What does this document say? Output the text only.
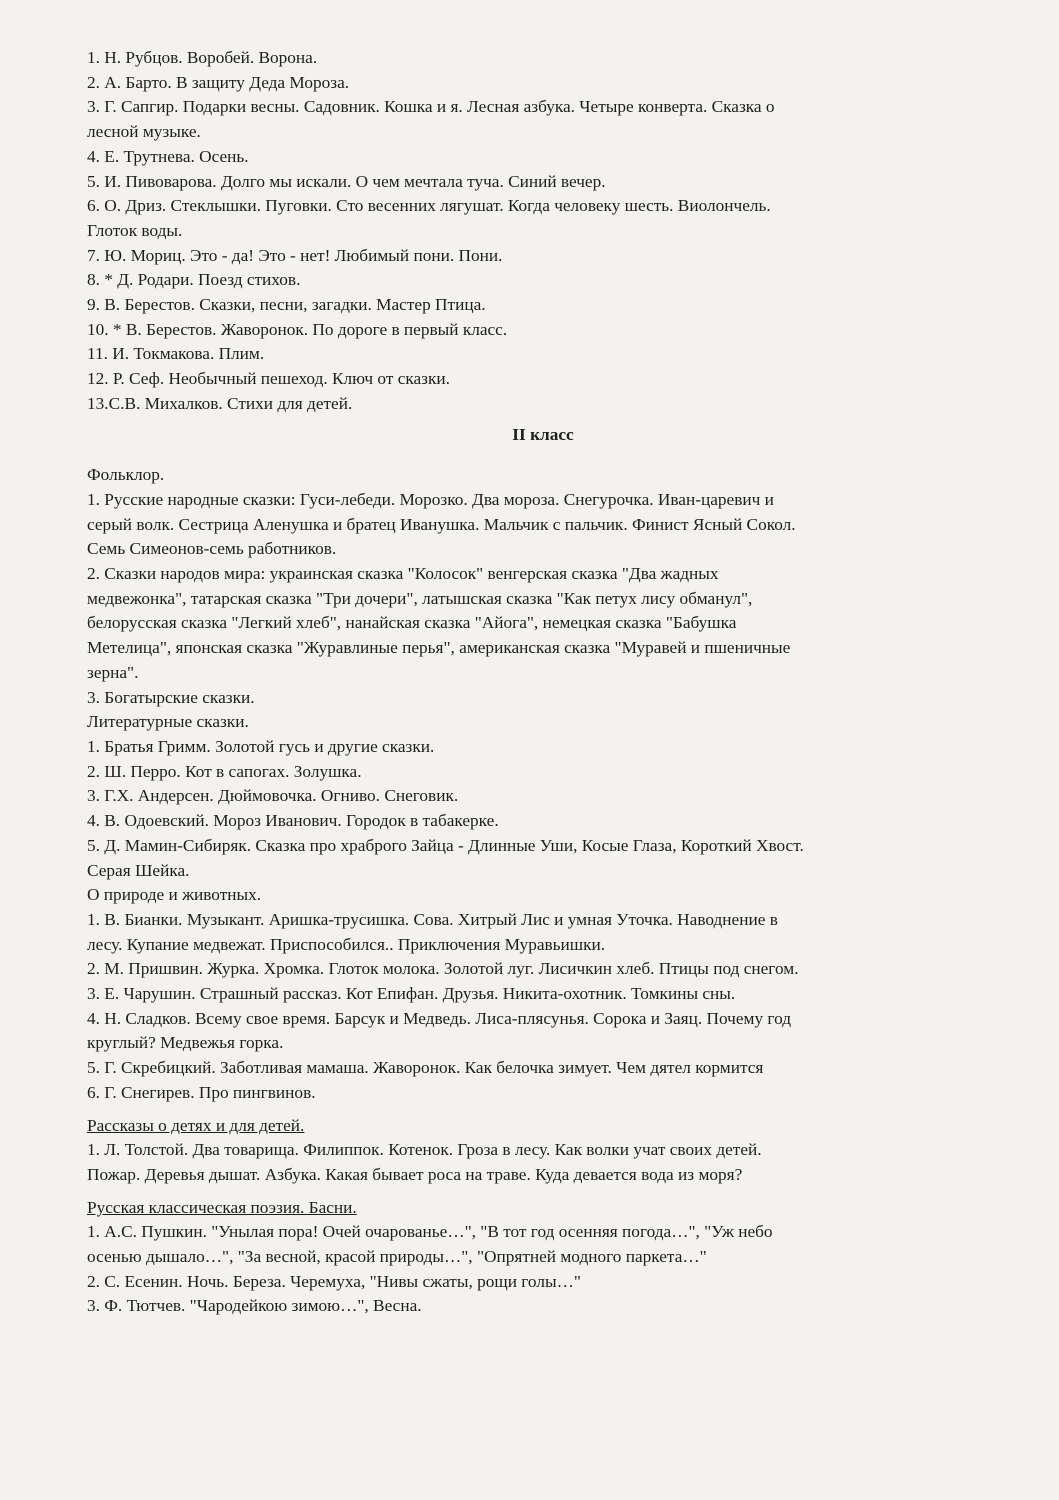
1. Н. Рубцов. Воробей. Ворона.
2. А. Барто. В защиту Деда Мороза.
3. Г. Сапгир. Подарки весны. Садовник. Кошка и я. Лесная азбука. Четыре конверта. Сказка о
лесной музыке.
4. Е. Трутнева. Осень.
5. И. Пивоварова. Долго мы искали. О чем мечтала туча. Синий вечер.
6. О. Дриз. Стеклышки. Пуговки. Сто весенних лягушат. Когда человеку шесть. Виолончель.
Глоток воды.
7. Ю. Мориц. Это - да! Это - нет! Любимый пони. Пони.
8. * Д. Родари. Поезд стихов.
9. В. Берестов. Сказки, песни, загадки. Мастер Птица.
10. * В. Берестов. Жаворонок. По дороге в первый класс.
11. И. Токмакова. Плим.
12. Р. Сеф. Необычный пешеход. Ключ от сказки.
13.С.В. Михалков. Стихи для детей.
II класс
Фольклор.
1. Русские народные сказки: Гуси-лебеди. Морозко. Два мороза. Снегурочка. Иван-царевич и
серый волк. Сестрица Аленушка и братец Иванушка. Мальчик с пальчик. Финист Ясный Сокол.
Семь Симеонов-семь работников.
2. Сказки народов мира: украинская сказка "Колосок" венгерская сказка "Два жадных
медвежонка", татарская сказка "Три дочери", латышская сказка "Как петух лису обманул",
белорусская сказка "Легкий хлеб", нанайская сказка "Айога", немецкая сказка "Бабушка
Метелица", японская сказка "Журавлиные перья", американская сказка "Муравей и пшеничные
зерна".
3. Богатырские сказки.
Литературные сказки.
1. Братья Гримм. Золотой гусь и другие сказки.
2. Ш. Перро. Кот в сапогах. Золушка.
3. Г.Х. Андерсен. Дюймовочка. Огниво. Снеговик.
4. В. Одоевский. Мороз Иванович. Городок в табакерке.
5. Д. Мамин-Сибиряк. Сказка про храброго Зайца - Длинные Уши, Косые Глаза, Короткий Хвост.
Серая Шейка.
О природе и животных.
1. В. Бианки. Музыкант. Аришка-трусишка. Сова. Хитрый Лис и умная Уточка. Наводнение в
лесу. Купание медвежат. Приспособился.. Приключения Муравьишки.
2. М. Пришвин. Журка. Хромка. Глоток молока. Золотой луг. Лисичкин хлеб. Птицы под снегом.
3. Е. Чарушин. Страшный рассказ. Кот Епифан. Друзья. Никита-охотник. Томкины сны.
4. Н. Сладков. Всему свое время. Барсук и Медведь. Лиса-плясунья. Сорока и Заяц. Почему год
круглый? Медвежья горка.
5. Г. Скребицкий. Заботливая мамаша. Жаворонок. Как белочка зимует. Чем дятел кормится
6. Г. Снегирев. Про пингвинов.
Рассказы о детях и для детей.
1. Л. Толстой. Два товарища. Филиппок. Котенок. Гроза в лесу. Как волки учат своих детей.
Пожар. Деревья дышат. Азбука. Какая бывает роса на траве. Куда девается вода из моря?
Русская классическая поэзия. Басни.
1. А.С. Пушкин. "Унылая пора! Очей очарованье…", "В тот год осенняя погода…", "Уж небо
осенью дышало…", "За весной, красой природы…", "Опрятней модного паркета…"
2. С. Есенин. Ночь. Береза. Черемуха, "Нивы сжаты, рощи голы…"
3. Ф. Тютчев. "Чародейкою зимою…", Весна.
